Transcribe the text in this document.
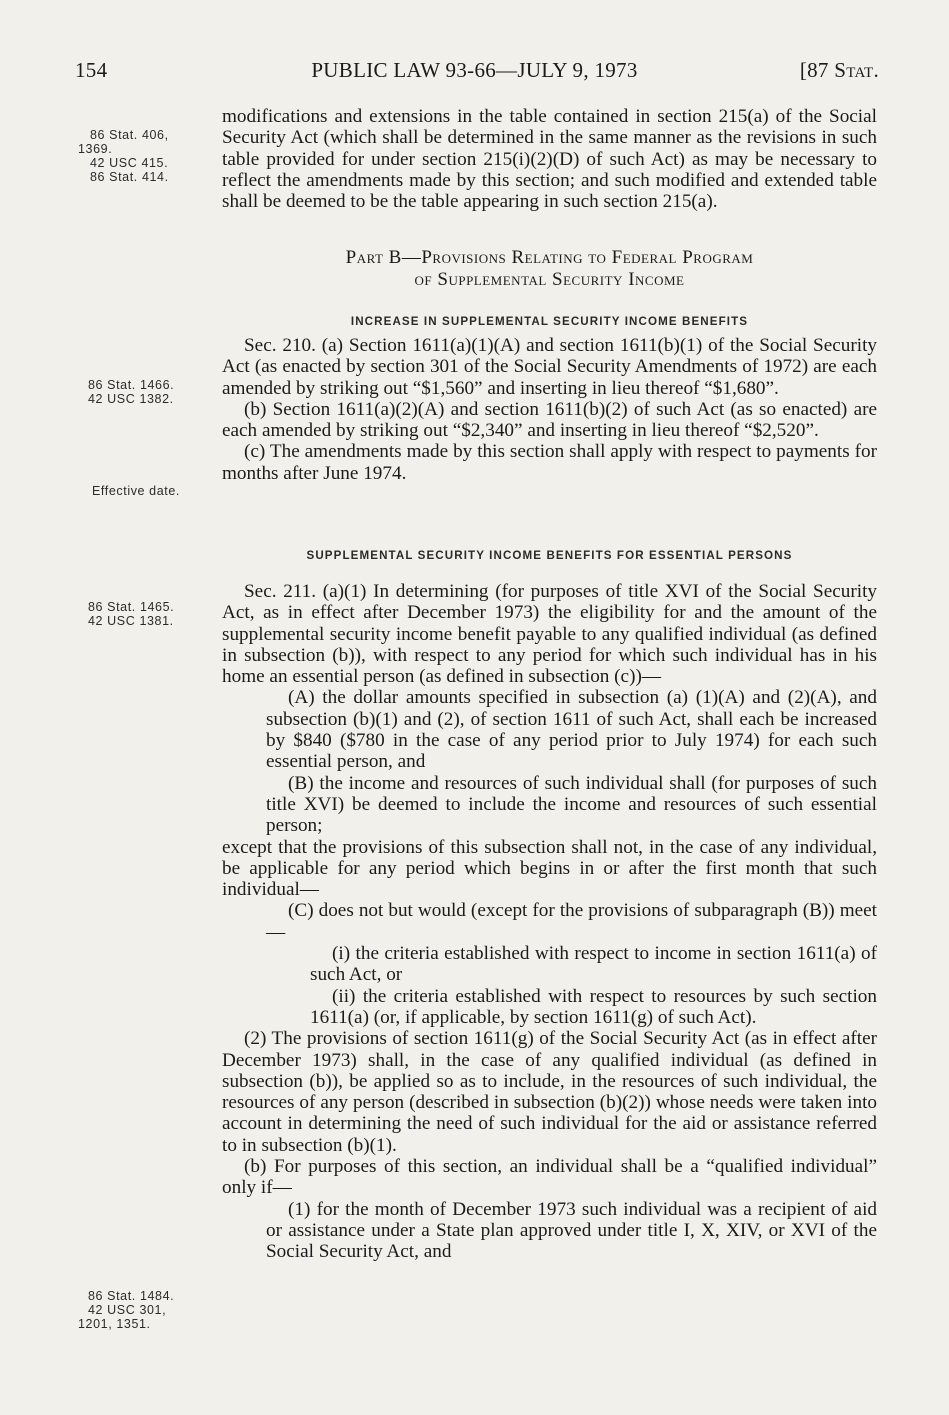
154	PUBLIC LAW 93-66—JULY 9, 1973	[87 Stat.
86 Stat. 406,
1369.
42 USC 415.
86 Stat. 414.
86 Stat. 1466.
42 USC 1382.
Effective date.
86 Stat. 1465.
42 USC 1381.
86 Stat. 1484.
42 USC 301,
1201, 1351.

modifications and extensions in the table contained in section 215(a) of the Social Security Act (which shall be determined in the same manner as the revisions in such table provided for under section 215(i)(2)(D) of such Act) as may be necessary to reflect the amendments made by this section; and such modified and extended table shall be deemed to be the table appearing in such section 215(a).

Part B—Provisions Relating to Federal Program
of Supplemental Security Income
INCREASE IN SUPPLEMENTAL SECURITY INCOME BENEFITS

Sec. 210. (a) Section 1611(a)(1)(A) and section 1611(b)(1) of the Social Security Act (as enacted by section 301 of the Social Security Amendments of 1972) are each amended by striking out “$1,560” and inserting in lieu thereof “$1,680”.

(b) Section 1611(a)(2)(A) and section 1611(b)(2) of such Act (as so enacted) are each amended by striking out “$2,340” and inserting in lieu thereof “$2,520”.

(c) The amendments made by this section shall apply with respect to payments for months after June 1974.

SUPPLEMENTAL SECURITY INCOME BENEFITS FOR ESSENTIAL PERSONS

Sec. 211. (a)(1) In determining (for purposes of title XVI of the Social Security Act, as in effect after December 1973) the eligibility for and the amount of the supplemental security income benefit payable to any qualified individual (as defined in subsection (b)), with respect to any period for which such individual has in his home an essential person (as defined in subsection (c))—

(A) the dollar amounts specified in subsection (a) (1)(A) and (2)(A), and subsection (b)(1) and (2), of section 1611 of such Act, shall each be increased by $840 ($780 in the case of any period prior to July 1974) for each such essential person, and

(B) the income and resources of such individual shall (for purposes of such title XVI) be deemed to include the income and resources of such essential person;

except that the provisions of this subsection shall not, in the case of any individual, be applicable for any period which begins in or after the first month that such individual—

(C) does not but would (except for the provisions of subparagraph (B)) meet—

(i) the criteria established with respect to income in section 1611(a) of such Act, or

(ii) the criteria established with respect to resources by such section 1611(a) (or, if applicable, by section 1611(g) of such Act).

(2) The provisions of section 1611(g) of the Social Security Act (as in effect after December 1973) shall, in the case of any qualified individual (as defined in subsection (b)), be applied so as to include, in the resources of such individual, the resources of any person (described in subsection (b)(2)) whose needs were taken into account in determining the need of such individual for the aid or assistance referred to in subsection (b)(1).

(b) For purposes of this section, an individual shall be a “qualified individual” only if—

(1) for the month of December 1973 such individual was a recipient of aid or assistance under a State plan approved under title I, X, XIV, or XVI of the Social Security Act, and
